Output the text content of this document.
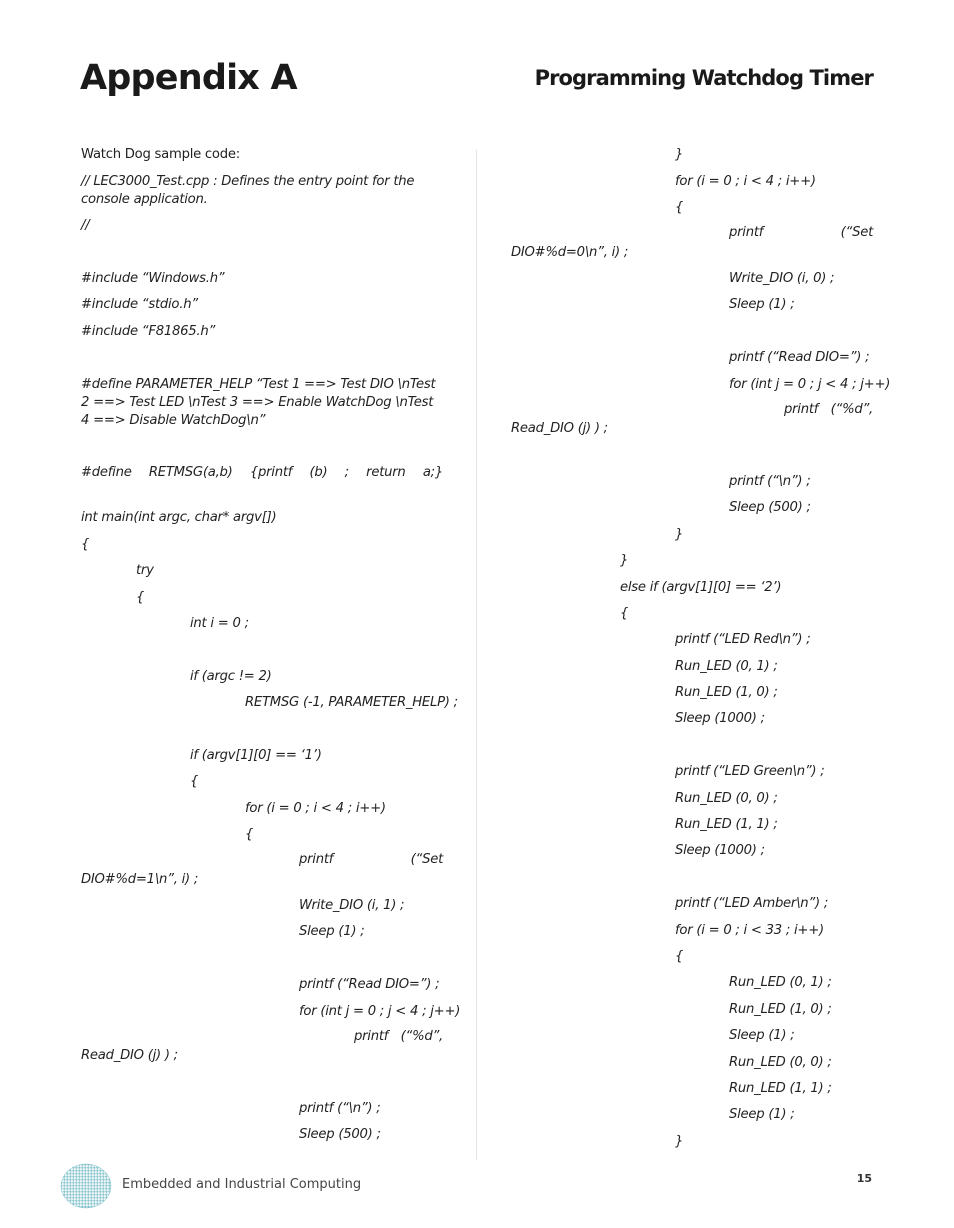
Appendix A	Programming Watchdog Timer
Watch Dog sample code:
// LEC3000_Test.cpp : Defines the entry point for the console application.
//
#include “Windows.h”
#include “stdio.h”
#include “F81865.h”
#define PARAMETER_HELP “Test 1 ==> Test DIO \nTest 2 ==> Test LED \nTest 3 ==> Enable WatchDog \nTest 4 ==> Disable WatchDog\n”
#define RETMSG(a,b) {printf (b) ; return a;}
int main(int argc, char* argv[])
{
try
{
int i = 0 ;
if (argc != 2)
RETMSG (-1, PARAMETER_HELP) ;
if (argv[1][0] == ‘1’)
{
for (i = 0 ; i < 4 ; i++)
{
printf	(“Set
DIO#%d=1\n”, i) ;
Write_DIO (i, 1) ;
Sleep (1) ;
printf (“Read DIO=”) ;
for (int j = 0 ; j < 4 ; j++)
printf (“%d”,
Read_DIO (j) ) ;
printf (“\n”) ;
Sleep (500) ;
}
for (i = 0 ; i < 4 ; i++)
{
printf	(“Set
DIO#%d=0\n”, i) ;
Write_DIO (i, 0) ;
Sleep (1) ;
printf (“Read DIO=”) ;
for (int j = 0 ; j < 4 ; j++)
printf (“%d”,
Read_DIO (j) ) ;
printf (“\n”) ;
Sleep (500) ;
}
}
else if (argv[1][0] == ‘2’)
{
printf (“LED Red\n”) ;
Run_LED (0, 1) ;
Run_LED (1, 0) ;
Sleep (1000) ;
printf (“LED Green\n”) ;
Run_LED (0, 0) ;
Run_LED (1, 1) ;
Sleep (1000) ;
printf (“LED Amber\n”) ;
for (i = 0 ; i < 33 ; i++)
{
Run_LED (0, 1) ;
Run_LED (1, 0) ;
Sleep (1) ;
Run_LED (0, 0) ;
Run_LED (1, 1) ;
Sleep (1) ;
}
Embedded and Industrial Computing	15
